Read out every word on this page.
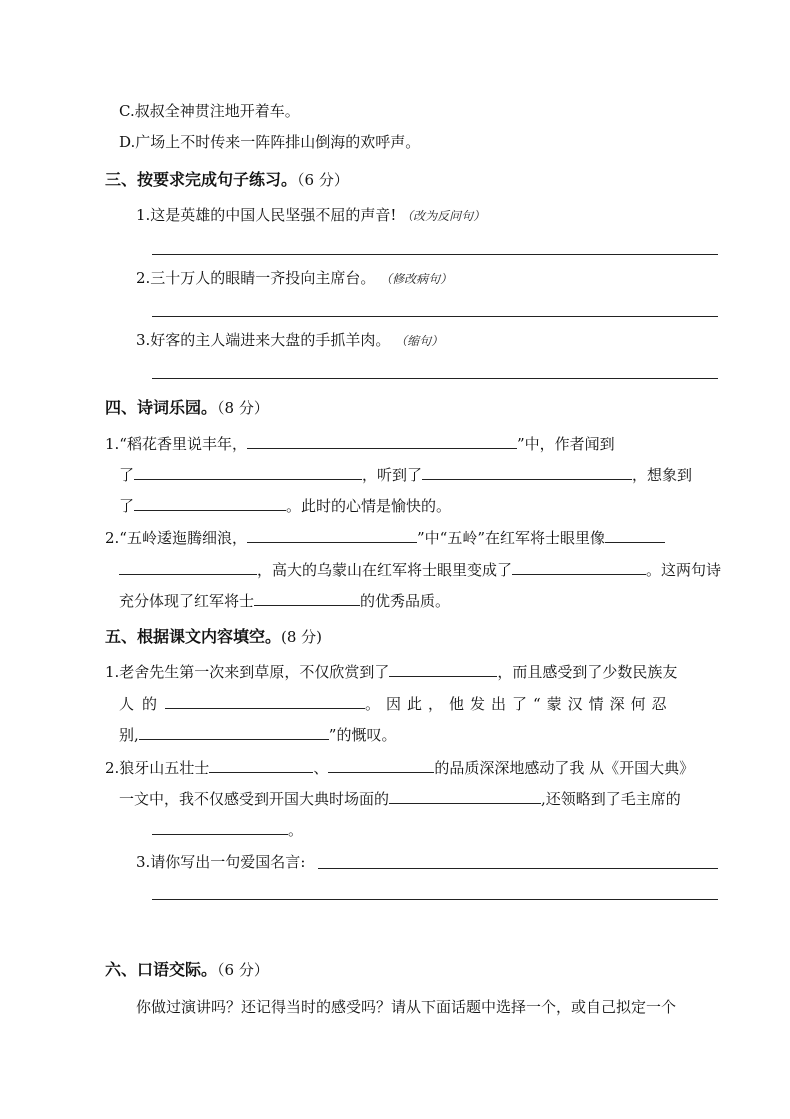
C.叔叔全神贯注地开着车。
D.广场上不时传来一阵阵排山倒海的欢呼声。
三、按要求完成句子练习。（6 分）
1.这是英雄的中国人民坚强不屈的声音! （改为反问句）
2.三十万人的眼睛一齐投向主席台。 （修改病句）
3.好客的主人端进来大盘的手抓羊肉。 （缩句）
四、诗词乐园。（8 分）
1.“稻花香里说丰年，	”中，作者闻到
了	，听到了	，想象到
了	。此时的心情是愉快的。
2.“五岭逶迤腾细浪，	”中“五岭”在红军将士眼里像
，高大的乌蒙山在红军将士眼里变成了	。这两句诗
充分体现了红军将士	的优秀品质。
五、根据课文内容填空。(8 分)
1.老舍先生第一次来到草原，不仅欣赏到了	，而且感受到了少数民族友
人的	。因此，他发出了“蒙汉情深何忍
别,	”的慨叹。
2.狼牙山五壮士	、	的品质深深地感动了我 从《开国大典》
一文中，我不仅感受到开国大典时场面的	,还领略到了毛主席的
。
3.请你写出一句爱国名言:
六、口语交际。（6 分）
你做过演讲吗？还记得当时的感受吗？请从下面话题中选择一个，或自己拟定一个
